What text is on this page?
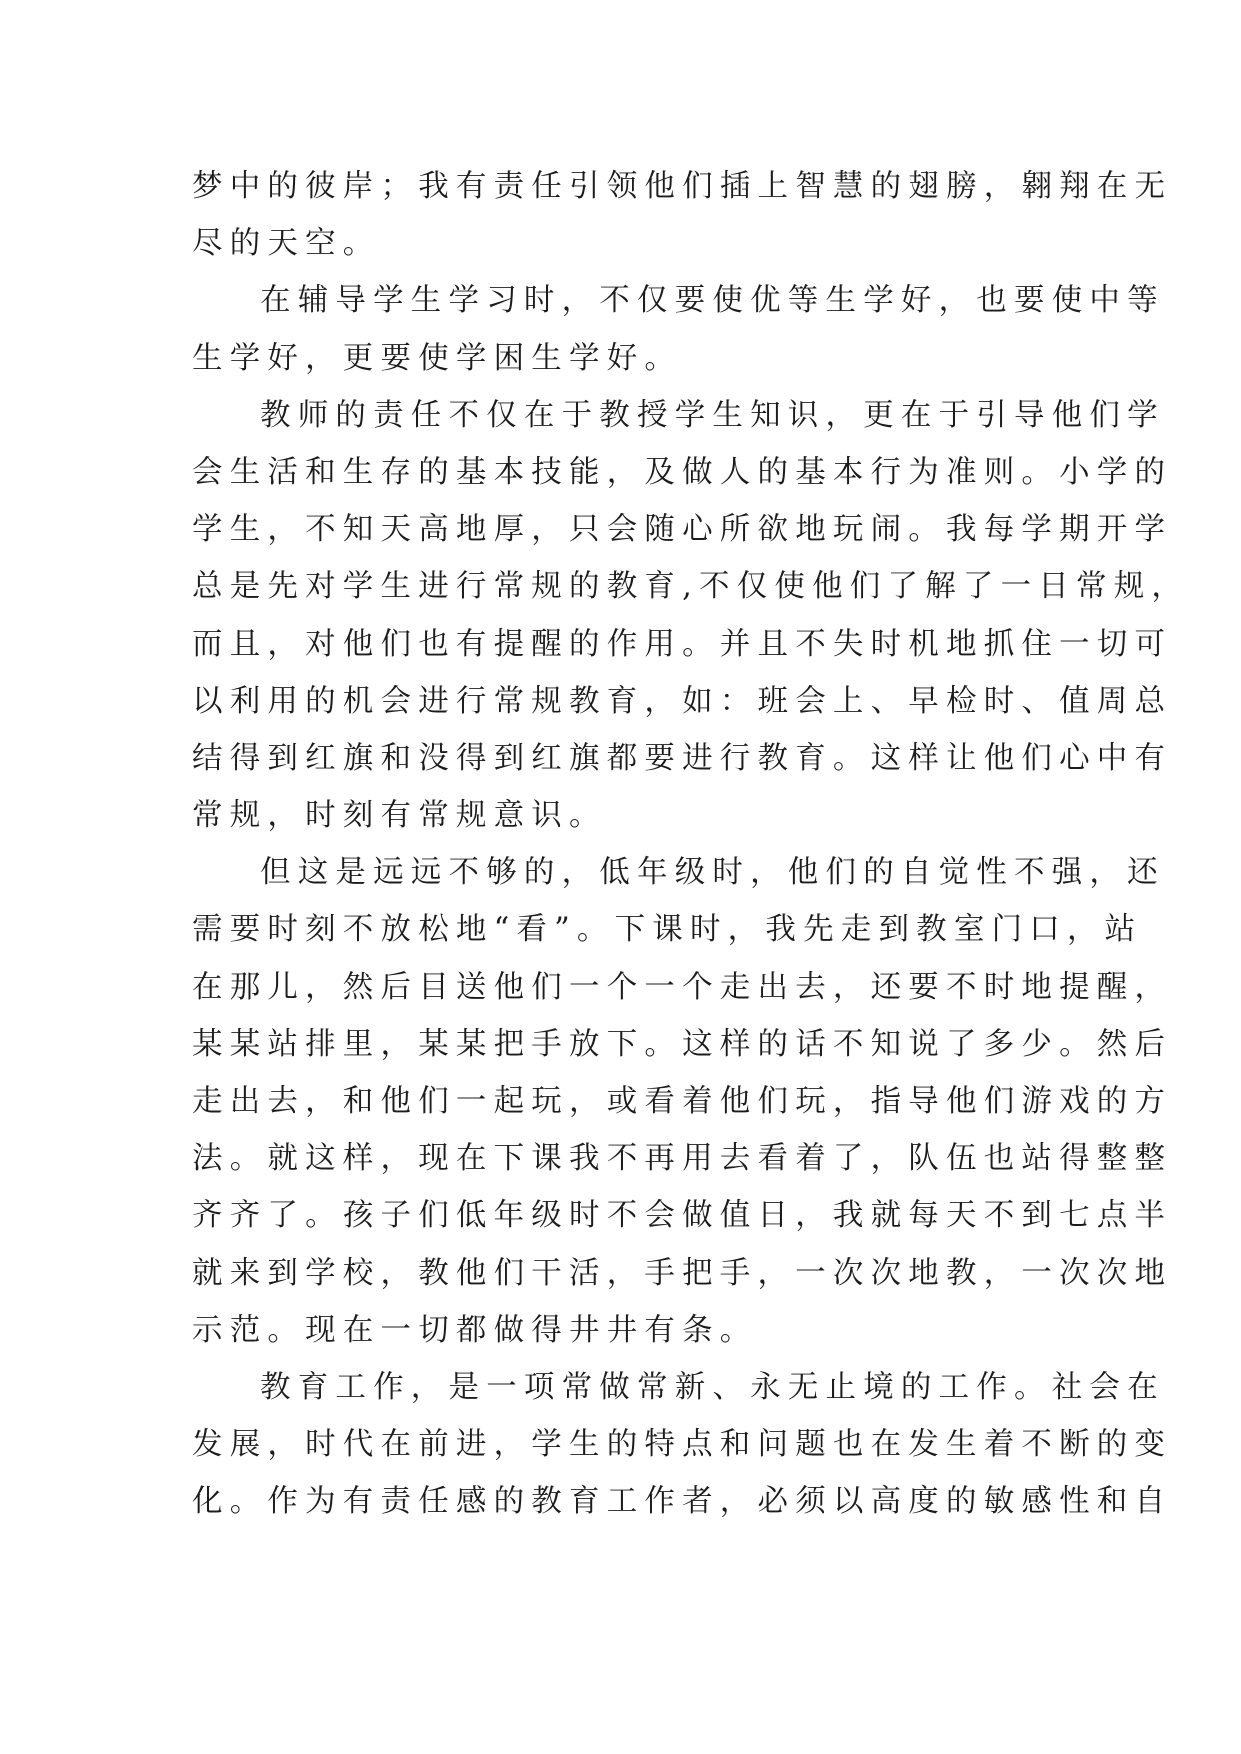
梦中的彼岸；我有责任引领他们插上智慧的翅膀，翱翔在无
尽的天空。
在辅导学生学习时，不仅要使优等生学好，也要使中等
生学好，更要使学困生学好。
教师的责任不仅在于教授学生知识，更在于引导他们学
会生活和生存的基本技能，及做人的基本行为准则。小学的
学生，不知天高地厚，只会随心所欲地玩闹。我每学期开学
总是先对学生进行常规的教育,不仅使他们了解了一日常规，
而且，对他们也有提醒的作用。并且不失时机地抓住一切可
以利用的机会进行常规教育，如：班会上、早检时、值周总
结得到红旗和没得到红旗都要进行教育。这样让他们心中有
常规，时刻有常规意识。
但这是远远不够的，低年级时，他们的自觉性不强，还
需要时刻不放松地“看”。下课时，我先走到教室门口，站
在那儿，然后目送他们一个一个走出去，还要不时地提醒，
某某站排里，某某把手放下。这样的话不知说了多少。然后
走出去，和他们一起玩，或看着他们玩，指导他们游戏的方
法。就这样，现在下课我不再用去看着了，队伍也站得整整
齐齐了。孩子们低年级时不会做值日，我就每天不到七点半
就来到学校，教他们干活，手把手，一次次地教，一次次地
示范。现在一切都做得井井有条。
教育工作，是一项常做常新、永无止境的工作。社会在
发展，时代在前进，学生的特点和问题也在发生着不断的变
化。作为有责任感的教育工作者，必须以高度的敏感性和自
